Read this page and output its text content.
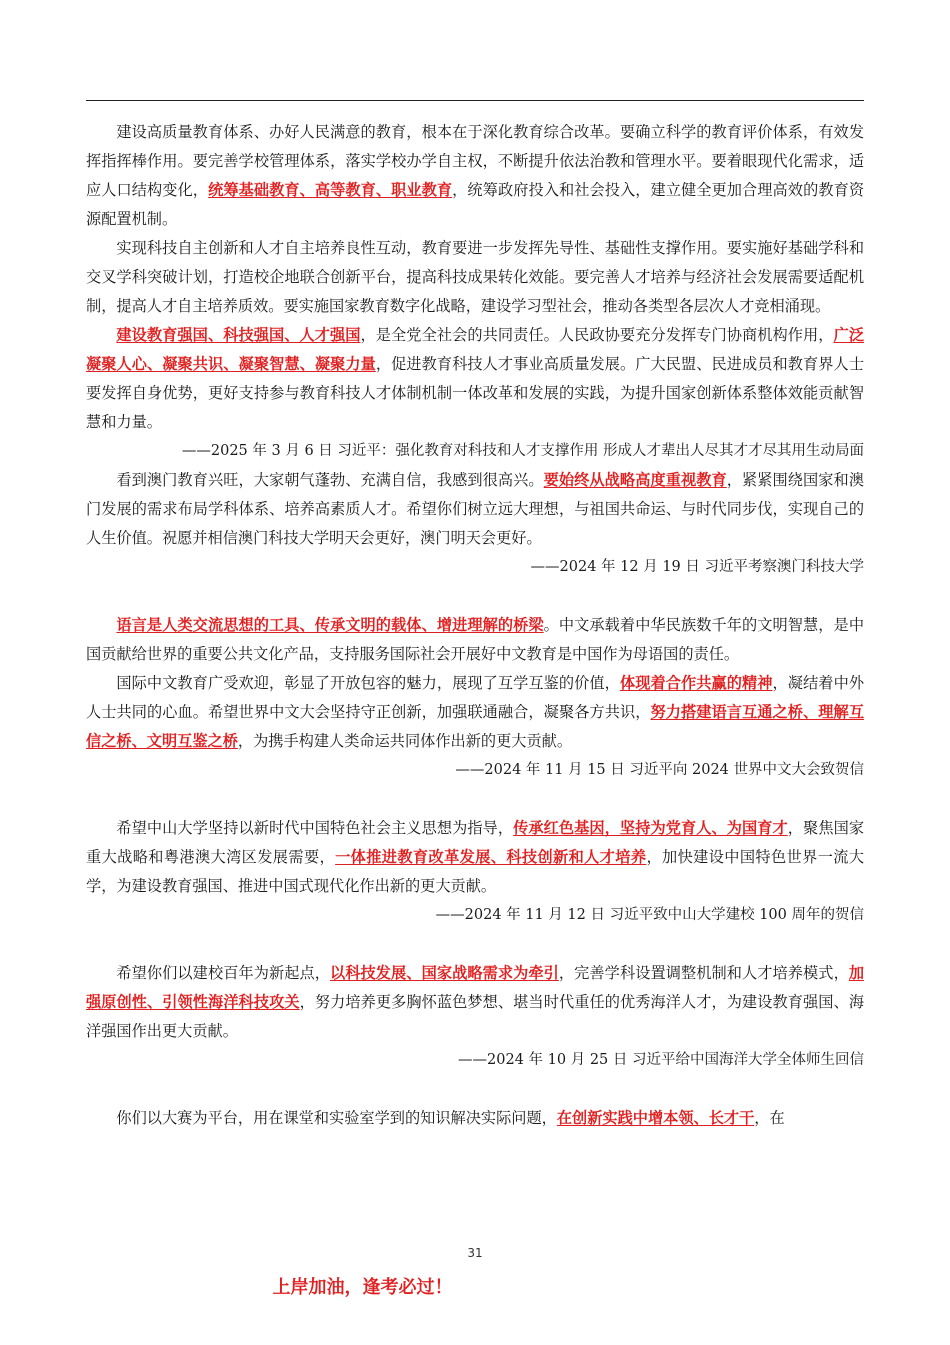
建设高质量教育体系、办好人民满意的教育，根本在于深化教育综合改革。要确立科学的教育评价体系，有效发挥指挥棒作用。要完善学校管理体系，落实学校办学自主权，不断提升依法治教和管理水平。要着眼现代化需求，适应人口结构变化，统筹基础教育、高等教育、职业教育，统筹政府投入和社会投入，建立健全更加合理高效的教育资源配置机制。

实现科技自主创新和人才自主培养良性互动，教育要进一步发挥先导性、基础性支撑作用。要实施好基础学科和交叉学科突破计划，打造校企地联合创新平台，提高科技成果转化效能。要完善人才培养与经济社会发展需要适配机制，提高人才自主培养质效。要实施国家教育数字化战略，建设学习型社会，推动各类型各层次人才竞相涌现。

建设教育强国、科技强国、人才强国，是全党全社会的共同责任。人民政协要充分发挥专门协商机构作用，广泛凝聚人心、凝聚共识、凝聚智慧、凝聚力量，促进教育科技人才事业高质量发展。广大民盟、民进成员和教育界人士要发挥自身优势，更好支持参与教育科技人才体制机制一体改革和发展的实践，为提升国家创新体系整体效能贡献智慧和力量。

——2025 年 3 月 6 日 习近平：强化教育对科技和人才支撑作用 形成人才辈出人尽其才才尽其用生动局面

看到澳门教育兴旺，大家朝气蓬勃、充满自信，我感到很高兴。要始终从战略高度重视教育，紧紧围绕国家和澳门发展的需求布局学科体系、培养高素质人才。希望你们树立远大理想，与祖国共命运、与时代同步伐，实现自己的人生价值。祝愿并相信澳门科技大学明天会更好，澳门明天会更好。

——2024 年 12 月 19 日 习近平考察澳门科技大学

语言是人类交流思想的工具、传承文明的载体、增进理解的桥梁。中文承载着中华民族数千年的文明智慧，是中国贡献给世界的重要公共文化产品，支持服务国际社会开展好中文教育是中国作为母语国的责任。

国际中文教育广受欢迎，彰显了开放包容的魅力，展现了互学互鉴的价值，体现着合作共赢的精神，凝结着中外人士共同的心血。希望世界中文大会坚持守正创新，加强联通融合，凝聚各方共识，努力搭建语言互通之桥、理解互信之桥、文明互鉴之桥，为携手构建人类命运共同体作出新的更大贡献。

——2024 年 11 月 15 日 习近平向 2024 世界中文大会致贺信

希望中山大学坚持以新时代中国特色社会主义思想为指导，传承红色基因，坚持为党育人、为国育才，聚焦国家重大战略和粤港澳大湾区发展需要，一体推进教育改革发展、科技创新和人才培养，加快建设中国特色世界一流大学，为建设教育强国、推进中国式现代化作出新的更大贡献。

——2024 年 11 月 12 日 习近平致中山大学建校 100 周年的贺信

希望你们以建校百年为新起点，以科技发展、国家战略需求为牵引，完善学科设置调整机制和人才培养模式，加强原创性、引领性海洋科技攻关，努力培养更多胸怀蓝色梦想、堪当时代重任的优秀海洋人才，为建设教育强国、海洋强国作出更大贡献。

——2024 年 10 月 25 日 习近平给中国海洋大学全体师生回信

你们以大赛为平台，用在课堂和实验室学到的知识解决实际问题，在创新实践中增本领、长才干，在

31
上岸加油，逢考必过！
